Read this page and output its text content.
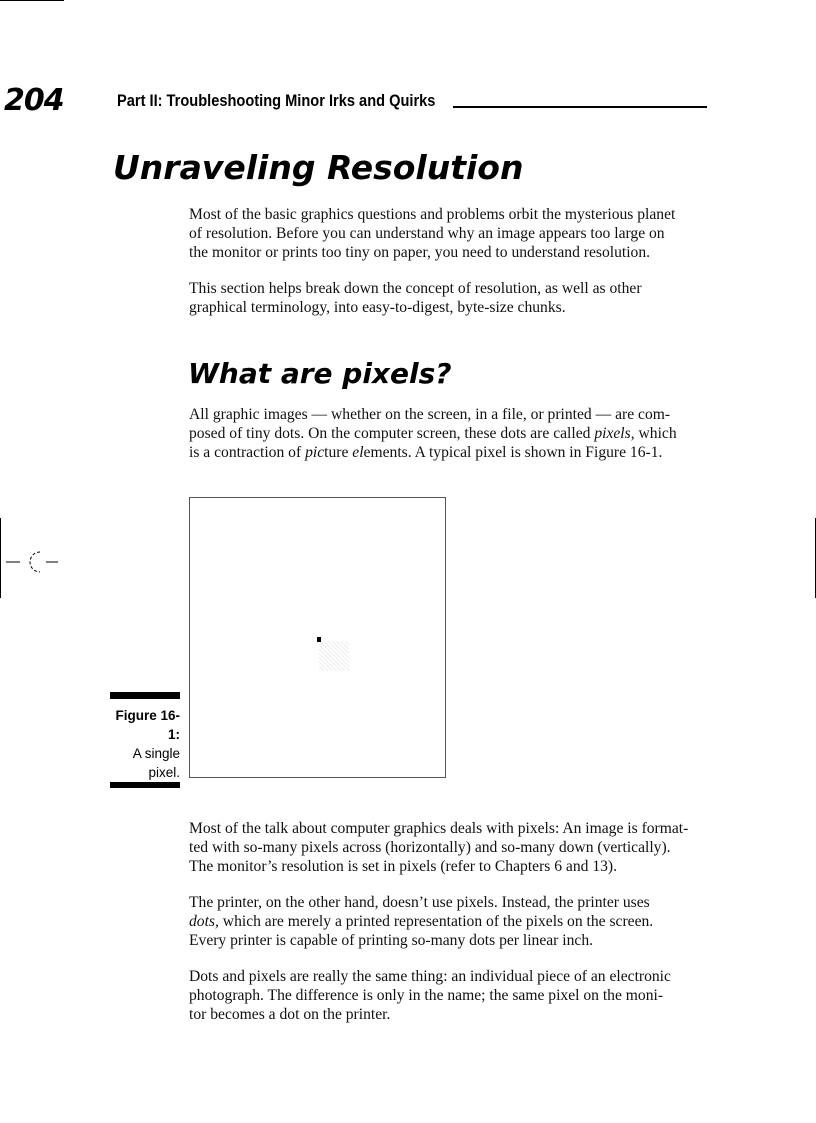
204	Part II: Troubleshooting Minor Irks and Quirks
Unraveling Resolution

Most of the basic graphics questions and problems orbit the mysterious planet
of resolution. Before you can understand why an image appears too large on
the monitor or prints too tiny on paper, you need to understand resolution.

This section helps break down the concept of resolution, as well as other
graphical terminology, into easy-to-digest, byte-size chunks.

What are pixels?

All graphic images — whether on the screen, in a file, or printed — are com-
posed of tiny dots. On the computer screen, these dots are called pixels, which
is a contraction of picture elements. A typical pixel is shown in Figure 16-1.

Figure 16-1:
A single
pixel.

Most of the talk about computer graphics deals with pixels: An image is format-
ted with so-many pixels across (horizontally) and so-many down (vertically).
The monitor’s resolution is set in pixels (refer to Chapters 6 and 13).

The printer, on the other hand, doesn’t use pixels. Instead, the printer uses
dots, which are merely a printed representation of the pixels on the screen.
Every printer is capable of printing so-many dots per linear inch.

Dots and pixels are really the same thing: an individual piece of an electronic
photograph. The difference is only in the name; the same pixel on the moni-
tor becomes a dot on the printer.
